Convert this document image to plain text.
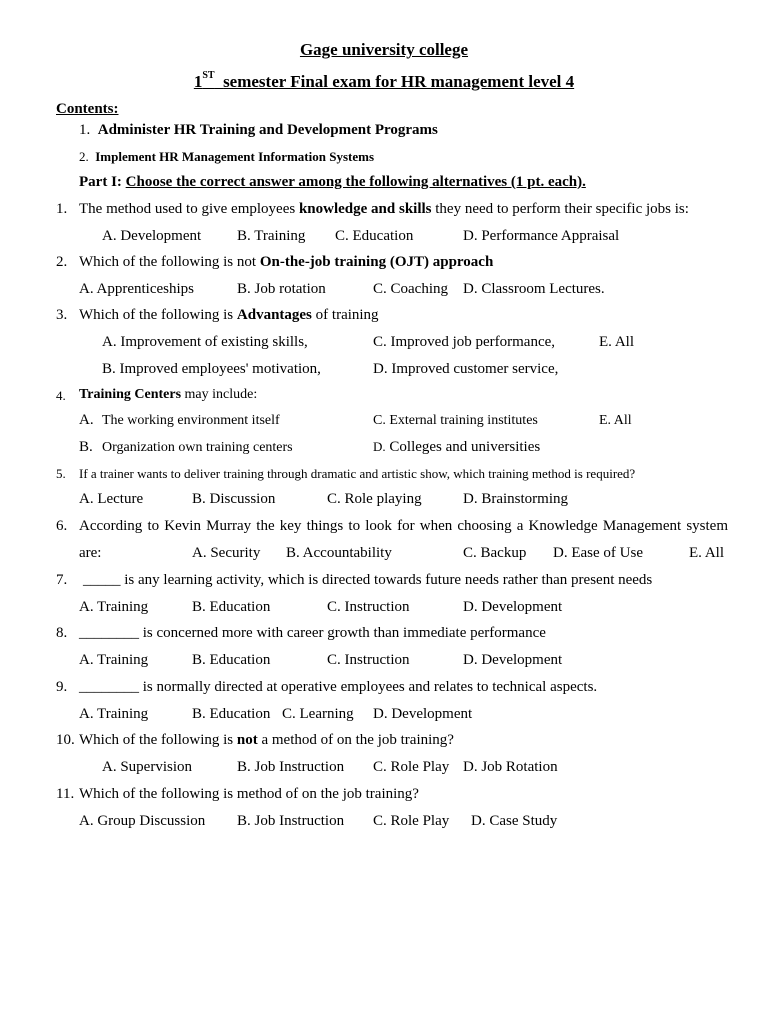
Gage university college
1ST semester Final exam for HR management level 4
Contents:
1. Administer HR Training and Development Programs
2. Implement HR Management Information Systems
Part I: Choose the correct answer among the following alternatives (1 pt. each).
1. The method used to give employees knowledge and skills they need to perform their specific jobs is:
A. Development B. Training C. Education	D. Performance Appraisal
2. Which of the following is not On-the-job training (OJT) approach
A. Apprenticeships	B. Job rotation	C. Coaching D. Classroom Lectures.
3. Which of the following is Advantages of training
A. Improvement of existing skills,	C. Improved job performance,	E. All
B. Improved employees' motivation,	D. Improved customer service,
4. Training Centers may include:
A. The working environment itself	C. External training institutes	E. All
B. Organization own training centers	D. Colleges and universities
5. If a trainer wants to deliver training through dramatic and artistic show, which training method is required?
A. Lecture	B. Discussion	C. Role playing	D. Brainstorming
6. According to Kevin Murray the key things to look for when choosing a Knowledge Management system
are:	A. Security B. Accountability	C. Backup D. Ease of Use	E. All
7. _____ is any learning activity, which is directed towards future needs rather than present needs
A. Training	B. Education	C. Instruction	D. Development
8. ________ is concerned more with career growth than immediate performance
A. Training	B. Education	C. Instruction	D. Development
9. ________ is normally directed at operative employees and relates to technical aspects.
A. Training	B. Education C. Learning D. Development
10. Which of the following is not a method of on the job training?
A. Supervision	B. Job Instruction C. Role Play D. Job Rotation
11. Which of the following is method of on the job training?
A. Group Discussion B. Job Instruction C. Role Play D. Case Study
